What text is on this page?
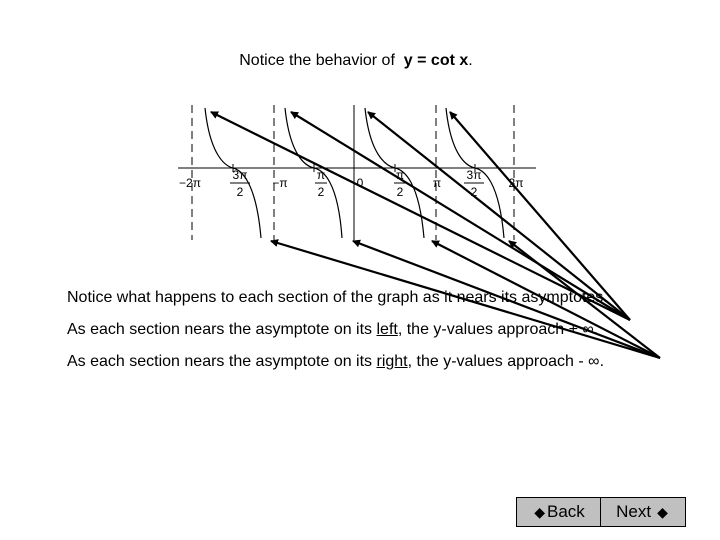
Notice the behavior of y = cot x.
−2π
3π
2
−π
π
2
0
π
2
π
3π
2
2π
Notice what happens to each section of the graph as it nears its asymptotes.
As each section nears the asymptote on its left, the y-values approach + ∞.
As each section nears the asymptote on its right, the y-values approach - ∞.
◆ Back Next ◆
